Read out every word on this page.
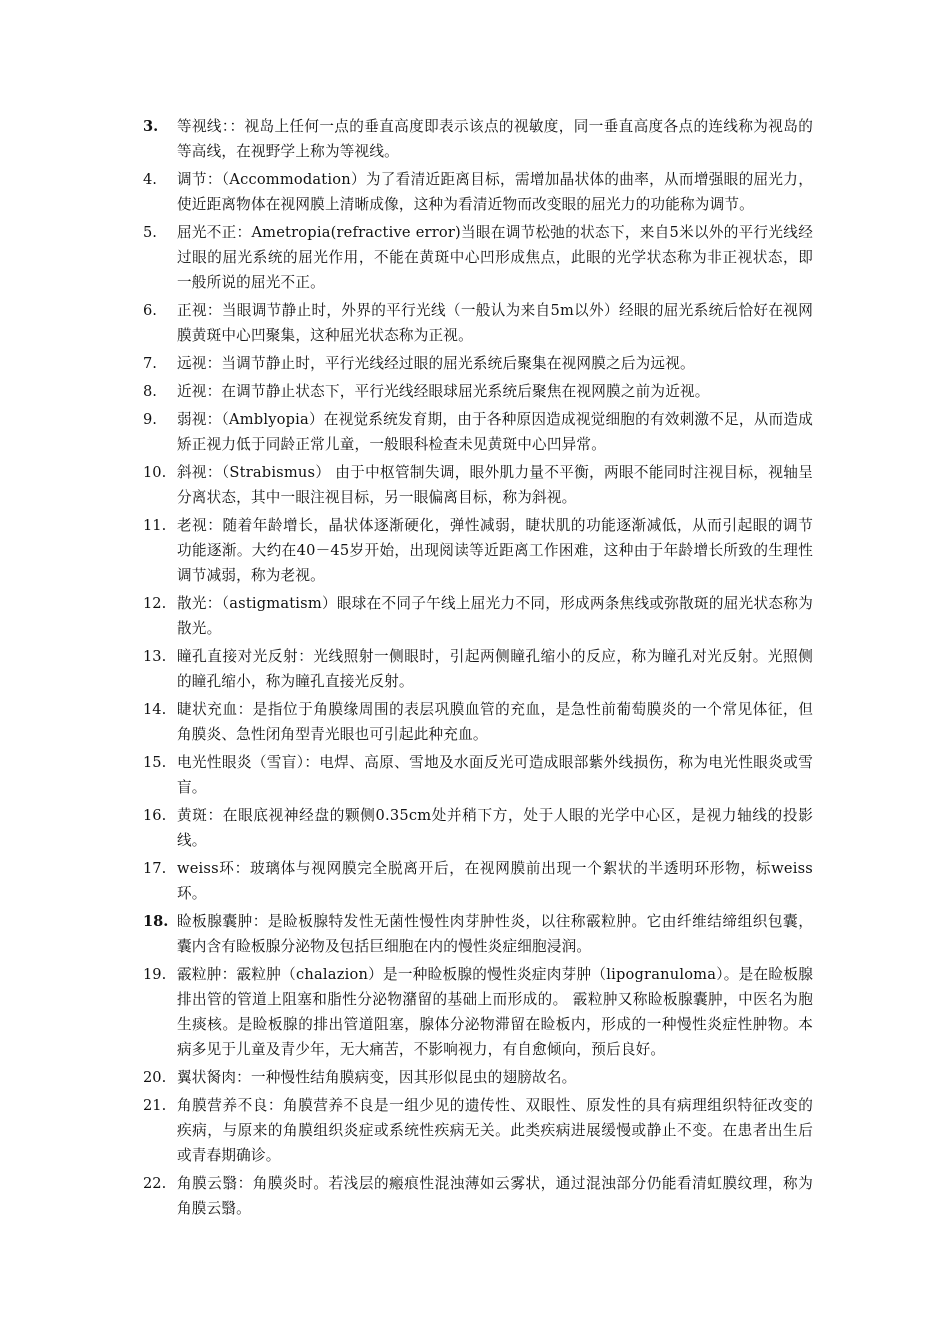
3.	等视线：：视岛上任何一点的垂直高度即表示该点的视敏度，同一垂直高度各点的连线称为视岛的等高线，在视野学上称为等视线。
4.	调节：（Accommodation）为了看清近距离目标，需增加晶状体的曲率，从而增强眼的屈光力，使近距离物体在视网膜上清晰成像，这种为看清近物而改变眼的屈光力的功能称为调节。
5.	屈光不正：Ametropia(refractive error)当眼在调节松弛的状态下，来自5米以外的平行光线经过眼的屈光系统的屈光作用，不能在黄斑中心凹形成焦点，此眼的光学状态称为非正视状态，即一般所说的屈光不正。
6.	正视：当眼调节静止时，外界的平行光线（一般认为来自5m以外）经眼的屈光系统后恰好在视网膜黄斑中心凹聚集，这种屈光状态称为正视。
7.	远视：当调节静止时，平行光线经过眼的屈光系统后聚集在视网膜之后为远视。
8.	近视：在调节静止状态下，平行光线经眼球屈光系统后聚焦在视网膜之前为近视。
9.	弱视：（Amblyopia）在视觉系统发育期，由于各种原因造成视觉细胞的有效刺激不足，从而造成矫正视力低于同龄正常儿童，一般眼科检查未见黄斑中心凹异常。
10. 斜视：（Strabismus） 由于中枢管制失调，眼外肌力量不平衡，两眼不能同时注视目标，视轴呈分离状态，其中一眼注视目标，另一眼偏离目标，称为斜视。
11. 老视：随着年龄增长，晶状体逐渐硬化，弹性减弱，睫状肌的功能逐渐减低，从而引起眼的调节功能逐渐。大约在40－45岁开始，出现阅读等近距离工作困难，这种由于年龄增长所致的生理性调节减弱，称为老视。
12. 散光：（astigmatism）眼球在不同子午线上屈光力不同，形成两条焦线或弥散斑的屈光状态称为散光。
13. 瞳孔直接对光反射：光线照射一侧眼时，引起两侧瞳孔缩小的反应，称为瞳孔对光反射。光照侧的瞳孔缩小，称为瞳孔直接光反射。
14. 睫状充血：是指位于角膜缘周围的表层巩膜血管的充血，是急性前葡萄膜炎的一个常见体征，但角膜炎、急性闭角型青光眼也可引起此种充血。
15. 电光性眼炎（雪盲）：电焊、高原、雪地及水面反光可造成眼部紫外线损伤，称为电光性眼炎或雪盲。
16. 黄斑：在眼底视神经盘的颗侧0.35cm处并稍下方，处于人眼的光学中心区，是视力轴线的投影线。
17. weiss环：玻璃体与视网膜完全脱离开后，在视网膜前出现一个絮状的半透明环形物，标weiss环。
18. 睑板腺囊肿：是睑板腺特发性无菌性慢性肉芽肿性炎，以往称霰粒肿。它由纤维结缔组织包囊，囊内含有睑板腺分泌物及包括巨细胞在内的慢性炎症细胞浸润。
19. 霰粒肿：霰粒肿（chalazion）是一种睑板腺的慢性炎症肉芽肿（lipogranuloma）。是在睑板腺排出管的管道上阻塞和脂性分泌物潴留的基础上而形成的。 霰粒肿又称睑板腺囊肿，中医名为胞生痰核。是睑板腺的排出管道阻塞，腺体分泌物滞留在睑板内，形成的一种慢性炎症性肿物。本病多见于儿童及青少年，无大痛苦，不影响视力，有自愈倾向，预后良好。
20. 翼状胬肉：一种慢性结角膜病变，因其形似昆虫的翅膀故名。
21. 角膜营养不良：角膜营养不良是一组少见的遗传性、双眼性、原发性的具有病理组织特征改变的疾病，与原来的角膜组织炎症或系统性疾病无关。此类疾病进展缓慢或静止不变。在患者出生后或青春期确诊。
22. 角膜云翳：角膜炎时。若浅层的瘢痕性混浊薄如云雾状，通过混浊部分仍能看清虹膜纹理，称为角膜云翳。
